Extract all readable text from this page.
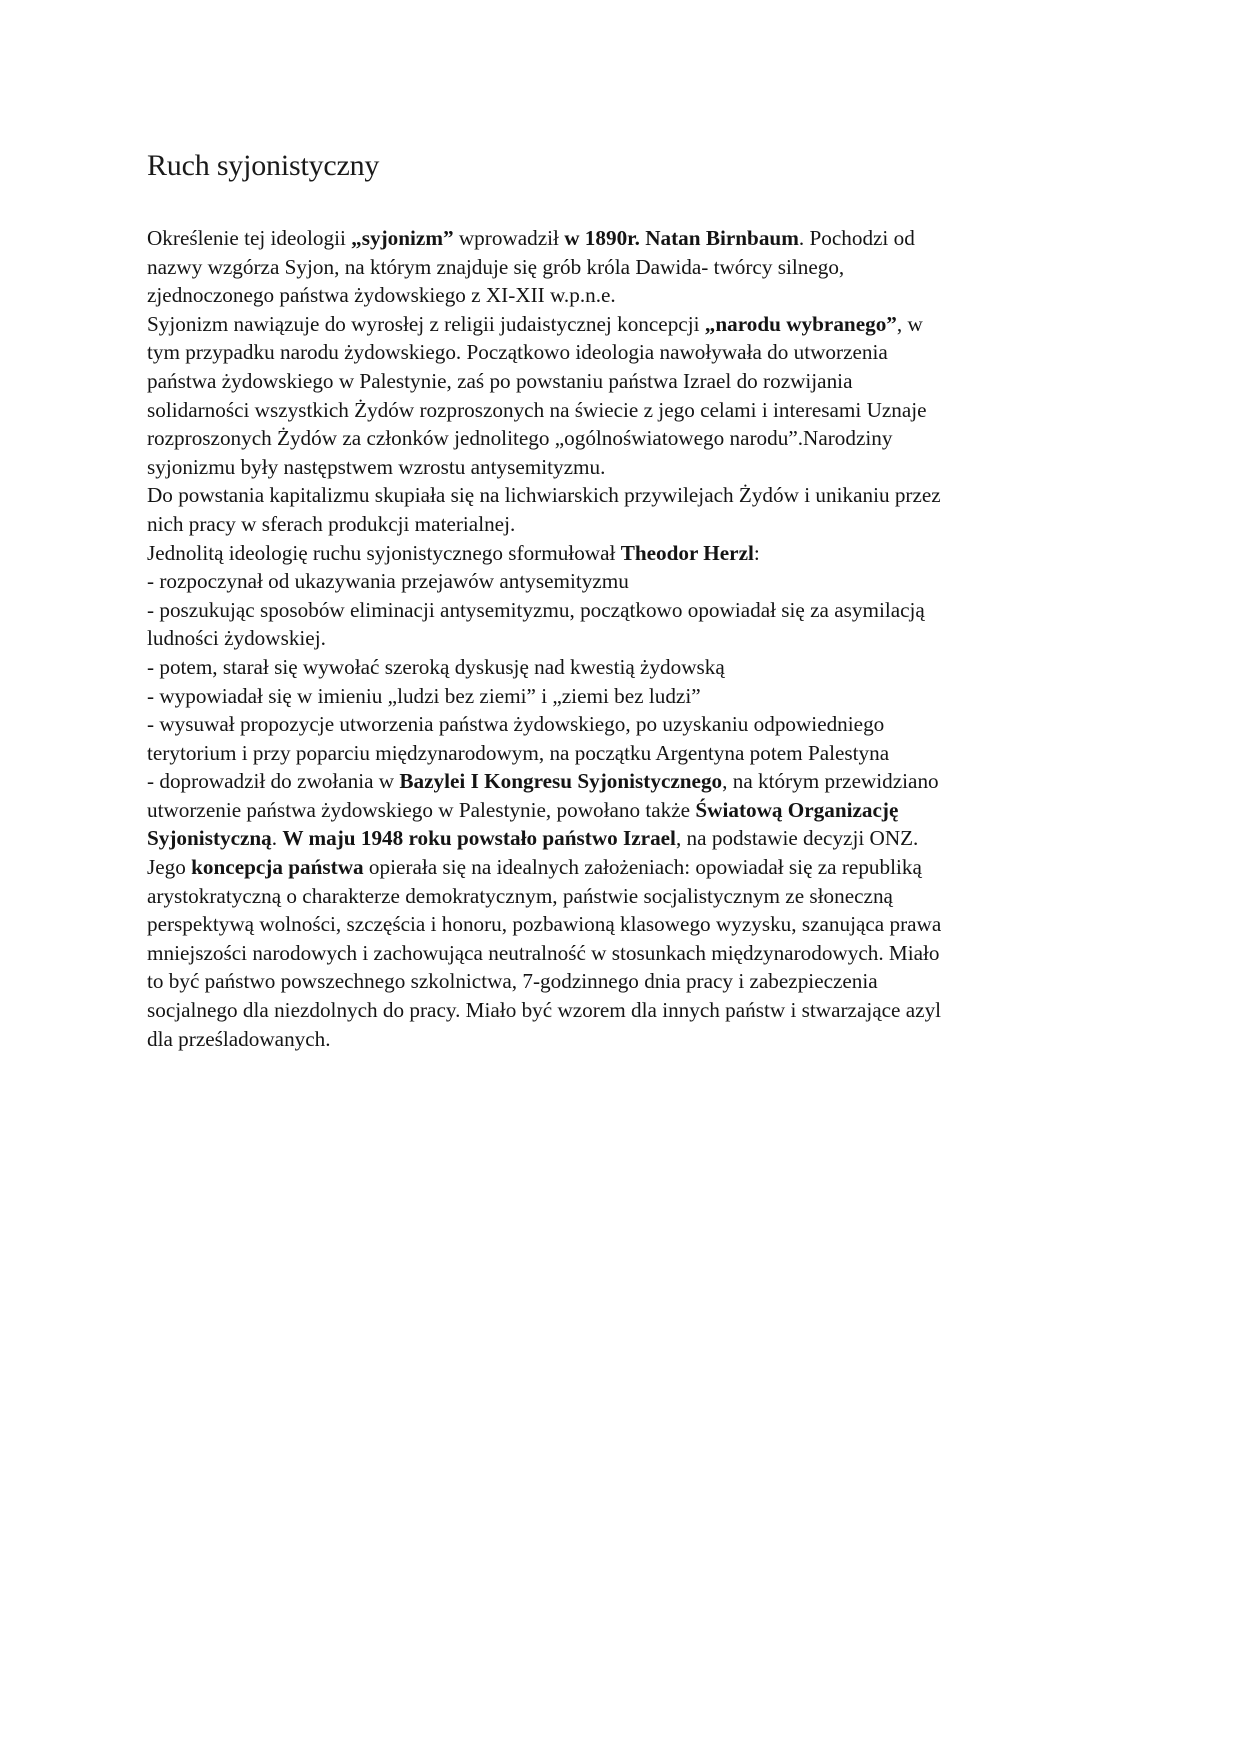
Ruch syjonistyczny
Określenie tej ideologii „syjonizm” wprowadził w 1890r. Natan Birnbaum. Pochodzi od
nazwy wzgórza Syjon, na którym znajduje się grób króla Dawida- twórcy silnego,
zjednoczonego państwa żydowskiego z XI-XII w.p.n.e.
Syjonizm nawiązuje do wyrosłej z religii judaistycznej koncepcji „narodu wybranego”, w
tym przypadku narodu żydowskiego. Początkowo ideologia nawoływała do utworzenia
państwa żydowskiego w Palestynie, zaś po powstaniu państwa Izrael do rozwijania
solidarności wszystkich Żydów rozproszonych na świecie z jego celami i interesami Uznaje
rozproszonych Żydów za członków jednolitego „ogólnoświatowego narodu”.Narodziny
syjonizmu były następstwem wzrostu antysemityzmu.
Do powstania kapitalizmu skupiała się na lichwiarskich przywilejach Żydów i unikaniu przez
nich pracy w sferach produkcji materialnej.
Jednolitą ideologię ruchu syjonistycznego sformułował Theodor Herzl:
- rozpoczynał od ukazywania przejawów antysemityzmu
- poszukując sposobów eliminacji antysemityzmu, początkowo opowiadał się za asymilacją
ludności żydowskiej.
- potem, starał się wywołać szeroką dyskusję nad kwestią żydowską
- wypowiadał się w imieniu „ludzi bez ziemi” i „ziemi bez ludzi”
- wysuwał propozycje utworzenia państwa żydowskiego, po uzyskaniu odpowiedniego
terytorium i przy poparciu międzynarodowym, na początku Argentyna potem Palestyna
- doprowadził do zwołania w Bazylei I Kongresu Syjonistycznego, na którym przewidziano
utworzenie państwa żydowskiego w Palestynie, powołano także Światową Organizację
Syjonistyczną. W maju 1948 roku powstało państwo Izrael, na podstawie decyzji ONZ.
Jego koncepcja państwa opierała się na idealnych założeniach: opowiadał się za republiką
arystokratyczną o charakterze demokratycznym, państwie socjalistycznym ze słoneczną
perspektywą wolności, szczęścia i honoru, pozbawioną klasowego wyzysku, szanująca prawa
mniejszości narodowych i zachowująca neutralność w stosunkach międzynarodowych. Miało
to być państwo powszechnego szkolnictwa, 7-godzinnego dnia pracy i zabezpieczenia
socjalnego dla niezdolnych do pracy. Miało być wzorem dla innych państw i stwarzające azyl
dla prześladowanych.
